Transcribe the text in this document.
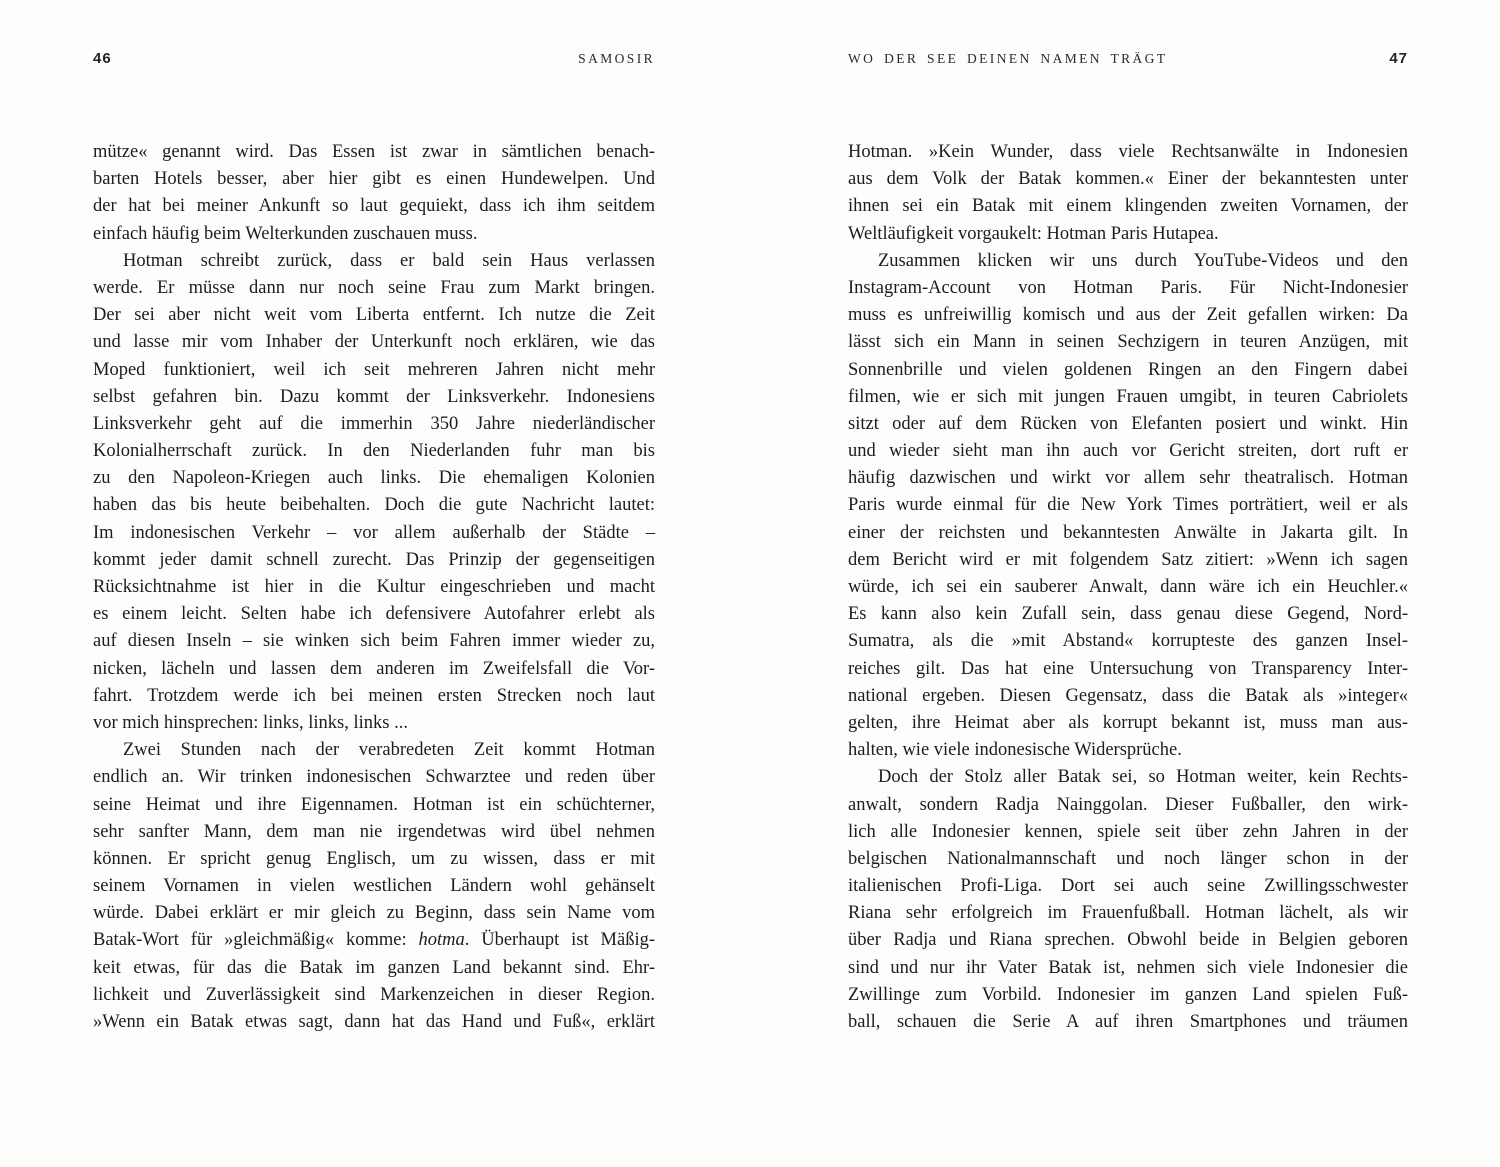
46	SAMOSIR
mütze« genannt wird. Das Essen ist zwar in sämtlichen benach-
barten Hotels besser, aber hier gibt es einen Hundewelpen. Und
der hat bei meiner Ankunft so laut gequiekt, dass ich ihm seitdem
einfach häufig beim Welterkunden zuschauen muss.
Hotman schreibt zurück, dass er bald sein Haus verlassen
werde. Er müsse dann nur noch seine Frau zum Markt bringen.
Der sei aber nicht weit vom Liberta entfernt. Ich nutze die Zeit
und lasse mir vom Inhaber der Unterkunft noch erklären, wie das
Moped funktioniert, weil ich seit mehreren Jahren nicht mehr
selbst gefahren bin. Dazu kommt der Linksverkehr. Indonesiens
Linksverkehr geht auf die immerhin 350 Jahre niederländischer
Kolonialherrschaft zurück. In den Niederlanden fuhr man bis
zu den Napoleon-Kriegen auch links. Die ehemaligen Kolonien
haben das bis heute beibehalten. Doch die gute Nachricht lautet:
Im indonesischen Verkehr – vor allem außerhalb der Städte –
kommt jeder damit schnell zurecht. Das Prinzip der gegenseitigen
Rücksichtnahme ist hier in die Kultur eingeschrieben und macht
es einem leicht. Selten habe ich defensivere Autofahrer erlebt als
auf diesen Inseln – sie winken sich beim Fahren immer wieder zu,
nicken, lächeln und lassen dem anderen im Zweifelsfall die Vor-
fahrt. Trotzdem werde ich bei meinen ersten Strecken noch laut
vor mich hinsprechen: links, links, links ...
Zwei Stunden nach der verabredeten Zeit kommt Hotman
endlich an. Wir trinken indonesischen Schwarztee und reden über
seine Heimat und ihre Eigennamen. Hotman ist ein schüchterner,
sehr sanfter Mann, dem man nie irgendetwas wird übel nehmen
können. Er spricht genug Englisch, um zu wissen, dass er mit
seinem Vornamen in vielen westlichen Ländern wohl gehänselt
würde. Dabei erklärt er mir gleich zu Beginn, dass sein Name vom
Batak-Wort für »gleichmäßig« komme: hotma. Überhaupt ist Mäßig-
keit etwas, für das die Batak im ganzen Land bekannt sind. Ehr-
lichkeit und Zuverlässigkeit sind Markenzeichen in dieser Region.
»Wenn ein Batak etwas sagt, dann hat das Hand und Fuß«, erklärt
WO DER SEE DEINEN NAMEN TRÄGT	47
Hotman. »Kein Wunder, dass viele Rechtsanwälte in Indonesien
aus dem Volk der Batak kommen.« Einer der bekanntesten unter
ihnen sei ein Batak mit einem klingenden zweiten Vornamen, der
Weltläufigkeit vorgaukelt: Hotman Paris Hutapea.
Zusammen klicken wir uns durch YouTube-Videos und den
Instagram-Account von Hotman Paris. Für Nicht-Indonesier
muss es unfreiwillig komisch und aus der Zeit gefallen wirken: Da
lässt sich ein Mann in seinen Sechzigern in teuren Anzügen, mit
Sonnenbrille und vielen goldenen Ringen an den Fingern dabei
filmen, wie er sich mit jungen Frauen umgibt, in teuren Cabriolets
sitzt oder auf dem Rücken von Elefanten posiert und winkt. Hin
und wieder sieht man ihn auch vor Gericht streiten, dort ruft er
häufig dazwischen und wirkt vor allem sehr theatralisch. Hotman
Paris wurde einmal für die New York Times porträtiert, weil er als
einer der reichsten und bekanntesten Anwälte in Jakarta gilt. In
dem Bericht wird er mit folgendem Satz zitiert: »Wenn ich sagen
würde, ich sei ein sauberer Anwalt, dann wäre ich ein Heuchler.«
Es kann also kein Zufall sein, dass genau diese Gegend, Nord-
Sumatra, als die »mit Abstand« korrupteste des ganzen Insel-
reiches gilt. Das hat eine Untersuchung von Transparency Inter-
national ergeben. Diesen Gegensatz, dass die Batak als »integer«
gelten, ihre Heimat aber als korrupt bekannt ist, muss man aus-
halten, wie viele indonesische Widersprüche.
Doch der Stolz aller Batak sei, so Hotman weiter, kein Rechts-
anwalt, sondern Radja Nainggolan. Dieser Fußballer, den wirk-
lich alle Indonesier kennen, spiele seit über zehn Jahren in der
belgischen Nationalmannschaft und noch länger schon in der
italienischen Profi-Liga. Dort sei auch seine Zwillingsschwester
Riana sehr erfolgreich im Frauenfußball. Hotman lächelt, als wir
über Radja und Riana sprechen. Obwohl beide in Belgien geboren
sind und nur ihr Vater Batak ist, nehmen sich viele Indonesier die
Zwillinge zum Vorbild. Indonesier im ganzen Land spielen Fuß-
ball, schauen die Serie A auf ihren Smartphones und träumen
